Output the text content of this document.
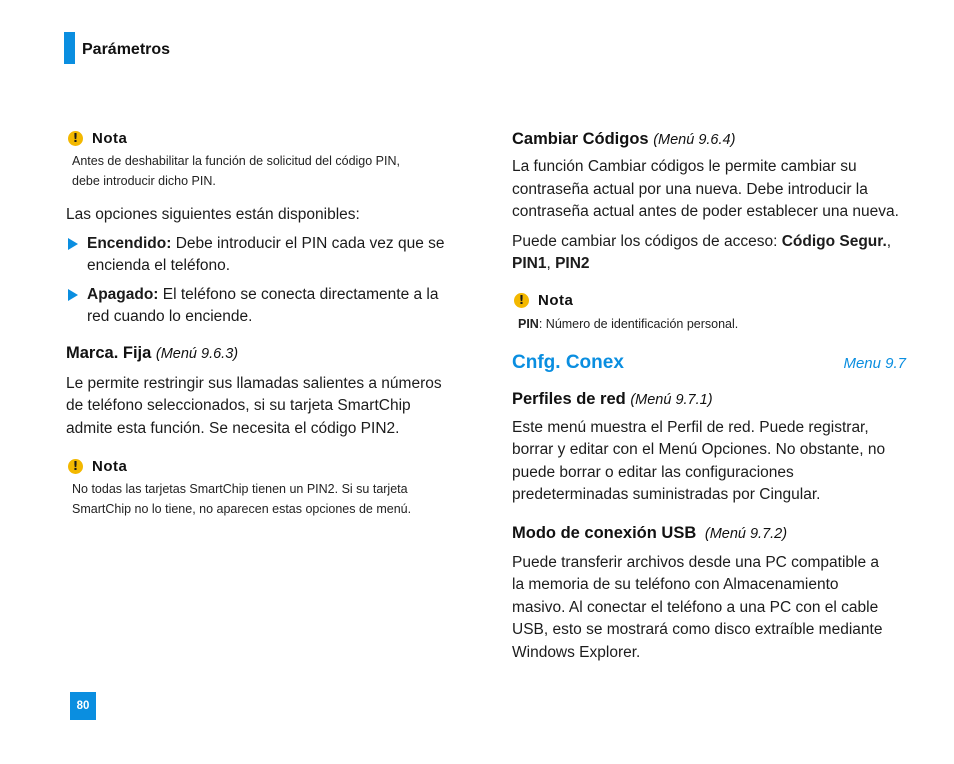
Parámetros
! Nota
Antes de deshabilitar la función de solicitud del código PIN,
debe introducir dicho PIN.
Las opciones siguientes están disponibles:
Encendido: Debe introducir el PIN cada vez que se
encienda el teléfono.
Apagado: El teléfono se conecta directamente a la
red cuando lo enciende.
Marca. Fija (Menú 9.6.3)
Le permite restringir sus llamadas salientes a números
de teléfono seleccionados, si su tarjeta SmartChip
admite esta función. Se necesita el código PIN2.
! Nota
No todas las tarjetas SmartChip tienen un PIN2. Si su tarjeta
SmartChip no lo tiene, no aparecen estas opciones de menú.
Cambiar Códigos (Menú 9.6.4)
La función Cambiar códigos le permite cambiar su
contraseña actual por una nueva. Debe introducir la
contraseña actual antes de poder establecer una nueva.
Puede cambiar los códigos de acceso: Código Segur.,
PIN1, PIN2
! Nota
PIN: Número de identificación personal.
Cnfg. Conex	Menu 9.7
Perfiles de red (Menú 9.7.1)
Este menú muestra el Perfil de red. Puede registrar,
borrar y editar con el Menú Opciones. No obstante, no
puede borrar o editar las configuraciones
predeterminadas suministradas por Cingular.
Modo de conexión USB (Menú 9.7.2)
Puede transferir archivos desde una PC compatible a
la memoria de su teléfono con Almacenamiento
masivo. Al conectar el teléfono a una PC con el cable
USB, esto se mostrará como disco extraíble mediante
Windows Explorer.
80
